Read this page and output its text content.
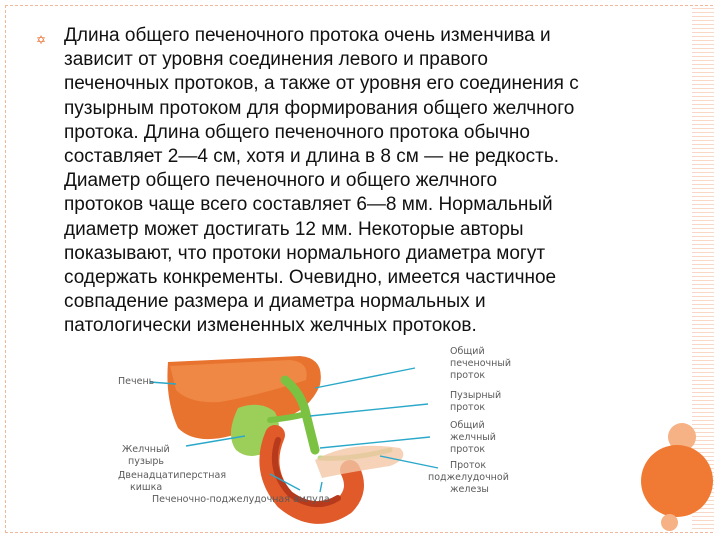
✡ Длина общего печеночного протока очень изменчива и
зависит от уровня соединения левого и правого
печеночных протоков, а также от уровня его соединения с
пузырным протоком для формирования общего желчного
протока. Длина общего печеночного протока обычно
составляет 2—4 см, хотя и длина в 8 см — не редкость.
Диаметр общего печеночного и общего желчного
протоков чаще всего составляет 6—8 мм. Нормальный
диаметр может достигать 12 мм. Некоторые авторы
показывают, что протоки нормального диаметра могут
содержать конкременты. Очевидно, имеется частичное
совпадение размера и диаметра нормальных и
патологически измененных желчных протоков.
Печень
Желчный
пузырь
Двенадцатиперстная
кишка
Печеночно-поджелудочная ампула
Общий
печеночный
проток
Пузырный
проток
Общий
желчный
проток
Проток
поджелудочной
железы
